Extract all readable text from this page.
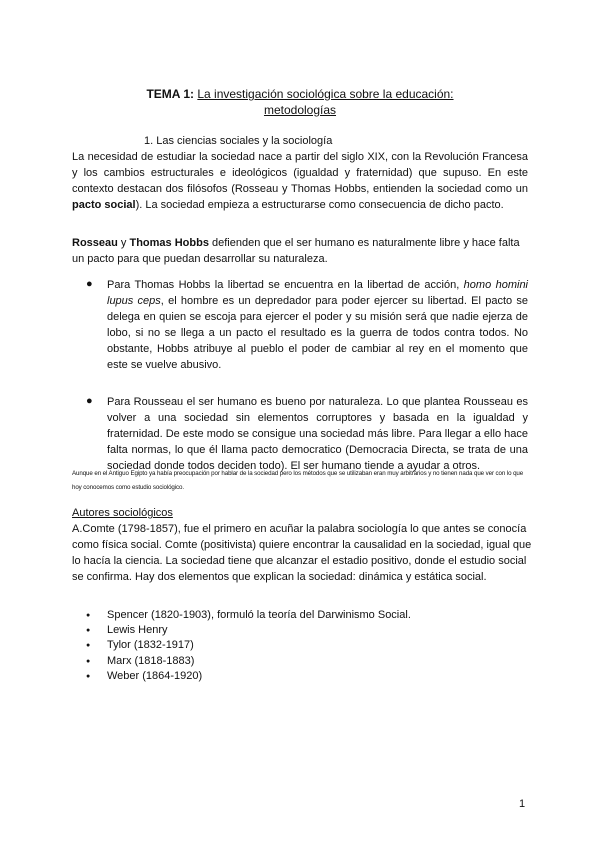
TEMA 1: La investigación sociológica sobre la educación:
metodologías
1. Las ciencias sociales y la sociología
La necesidad de estudiar la sociedad nace a partir del siglo XIX, con la Revolución Francesa y los cambios estructurales e ideológicos (igualdad y fraternidad) que supuso. En este contexto destacan dos filósofos (Rosseau y Thomas Hobbs, entienden la sociedad como un pacto social). La sociedad empieza a estructurarse como consecuencia de dicho pacto.
Rosseau y Thomas Hobbs defienden que el ser humano es naturalmente libre y hace falta un pacto para que puedan desarrollar su naturaleza.
● Para Thomas Hobbs la libertad se encuentra en la libertad de acción, homo homini lupus ceps, el hombre es un depredador para poder ejercer su libertad. El pacto se delega en quien se escoja para ejercer el poder y su misión será que nadie ejerza de lobo, si no se llega a un pacto el resultado es la guerra de todos contra todos. No obstante, Hobbs atribuye al pueblo el poder de cambiar al rey en el momento que este se vuelve abusivo.
● Para Rousseau el ser humano es bueno por naturaleza. Lo que plantea Rousseau es volver a una sociedad sin elementos corruptores y basada en la igualdad y fraternidad. De este modo se consigue una sociedad más libre. Para llegar a ello hace falta normas, lo que él llama pacto democratico (Democracia Directa, se trata de una sociedad donde todos deciden todo). El ser humano tiende a ayudar a otros.
Aunque en el Antiguo Egipto ya había preocupación por hablar de la sociedad pero los métodos que se utilizaban eran muy arbitrarios y no tienen nada que ver con lo que hoy conocemos como estudio sociológico.
Autores sociológicos
A.Comte (1798-1857), fue el primero en acuñar la palabra sociología lo que antes se conocía como física social. Comte (positivista) quiere encontrar la causalidad en la sociedad, igual que lo hacía la ciencia. La sociedad tiene que alcanzar el estadio positivo, donde el estudio social se confirma. Hay dos elementos que explican la sociedad: dinámica y estática social.
● Spencer (1820-1903), formuló la teoría del Darwinismo Social.
● Lewis Henry
● Tylor (1832-1917)
● Marx (1818-1883)
● Weber (1864-1920)
1
